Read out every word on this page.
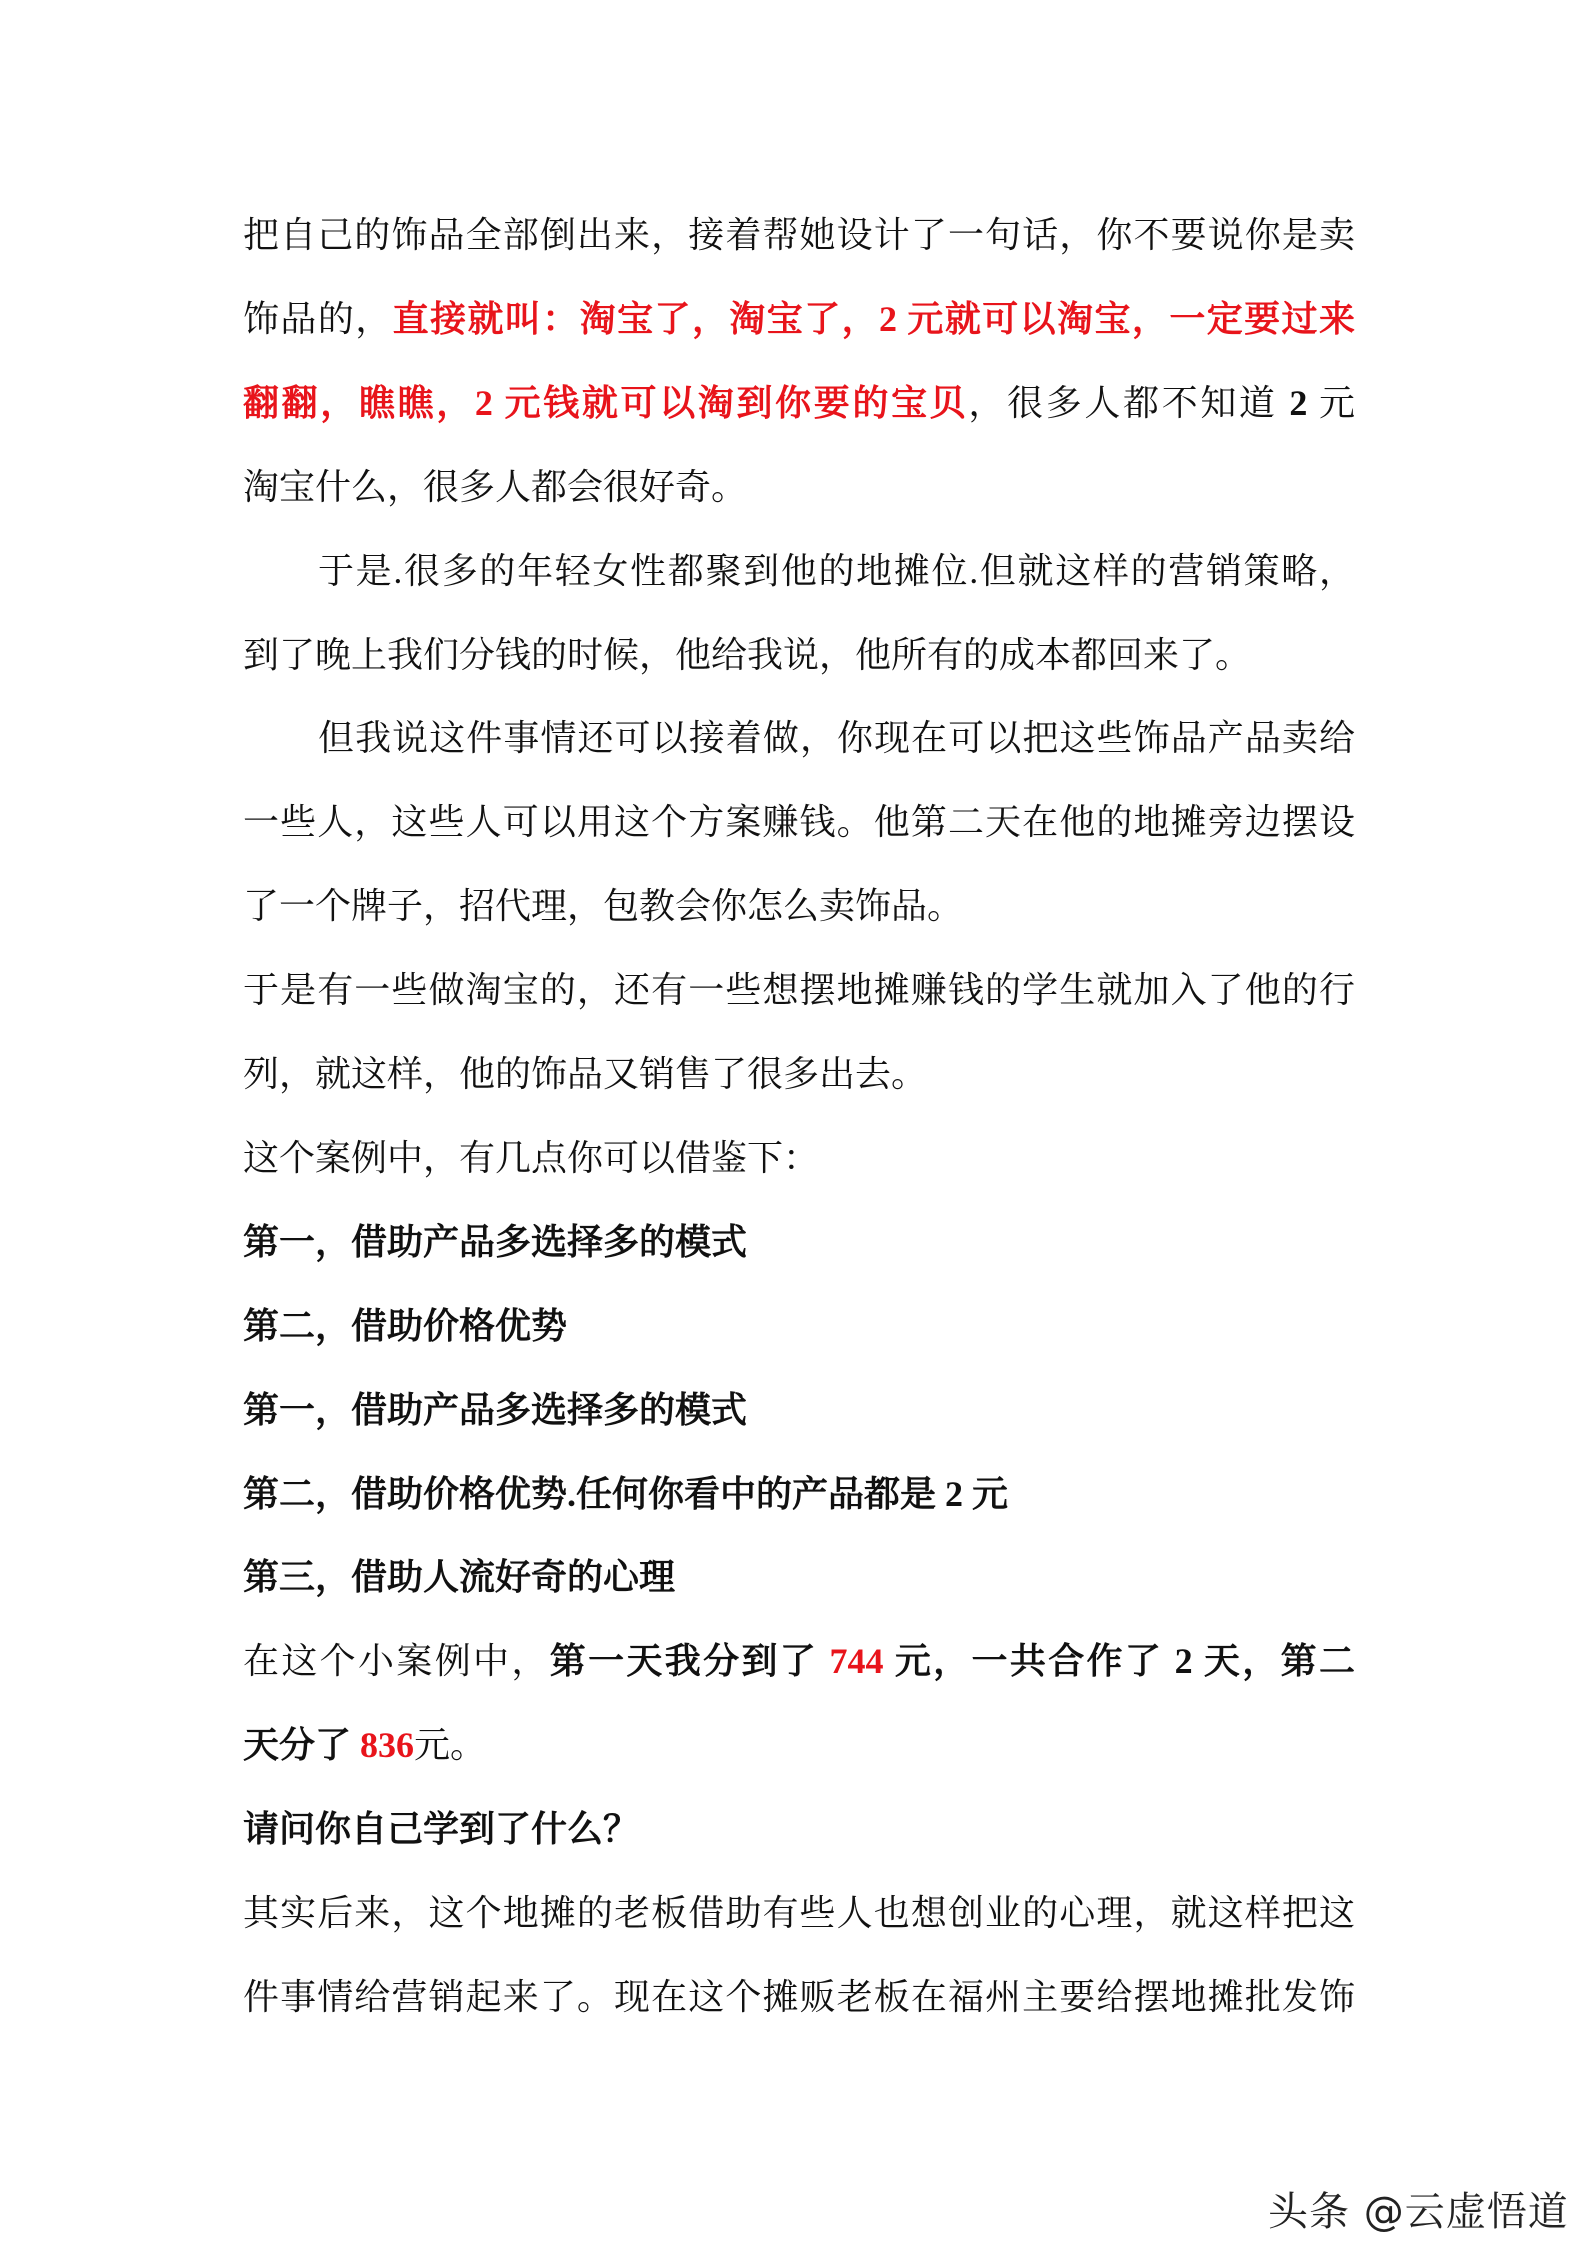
把自己的饰品全部倒出来，接着帮她设计了一句话，你不要说你是卖
饰品的，直接就叫：淘宝了，淘宝了，2 元就可以淘宝，一定要过来
翻翻，瞧瞧，2 元钱就可以淘到你要的宝贝，很多人都不知道 2 元
淘宝什么，很多人都会很好奇。
于是.很多的年轻女性都聚到他的地摊位.但就这样的营销策略，
到了晚上我们分钱的时候，他给我说，他所有的成本都回来了。
但我说这件事情还可以接着做，你现在可以把这些饰品产品卖给
一些人，这些人可以用这个方案赚钱。他第二天在他的地摊旁边摆设
了一个牌子，招代理，包教会你怎么卖饰品。
于是有一些做淘宝的，还有一些想摆地摊赚钱的学生就加入了他的行
列，就这样，他的饰品又销售了很多出去。
这个案例中，有几点你可以借鉴下：
第一，借助产品多选择多的模式
第二，借助价格优势
第一，借助产品多选择多的模式
第二，借助价格优势.任何你看中的产品都是 2 元
第三，借助人流好奇的心理
在这个小案例中，第一天我分到了 744 元，一共合作了 2 天，第二
天分了 836元。
请问你自己学到了什么？
其实后来，这个地摊的老板借助有些人也想创业的心理，就这样把这
件事情给营销起来了。现在这个摊贩老板在福州主要给摆地摊批发饰
头条 @云虚悟道
